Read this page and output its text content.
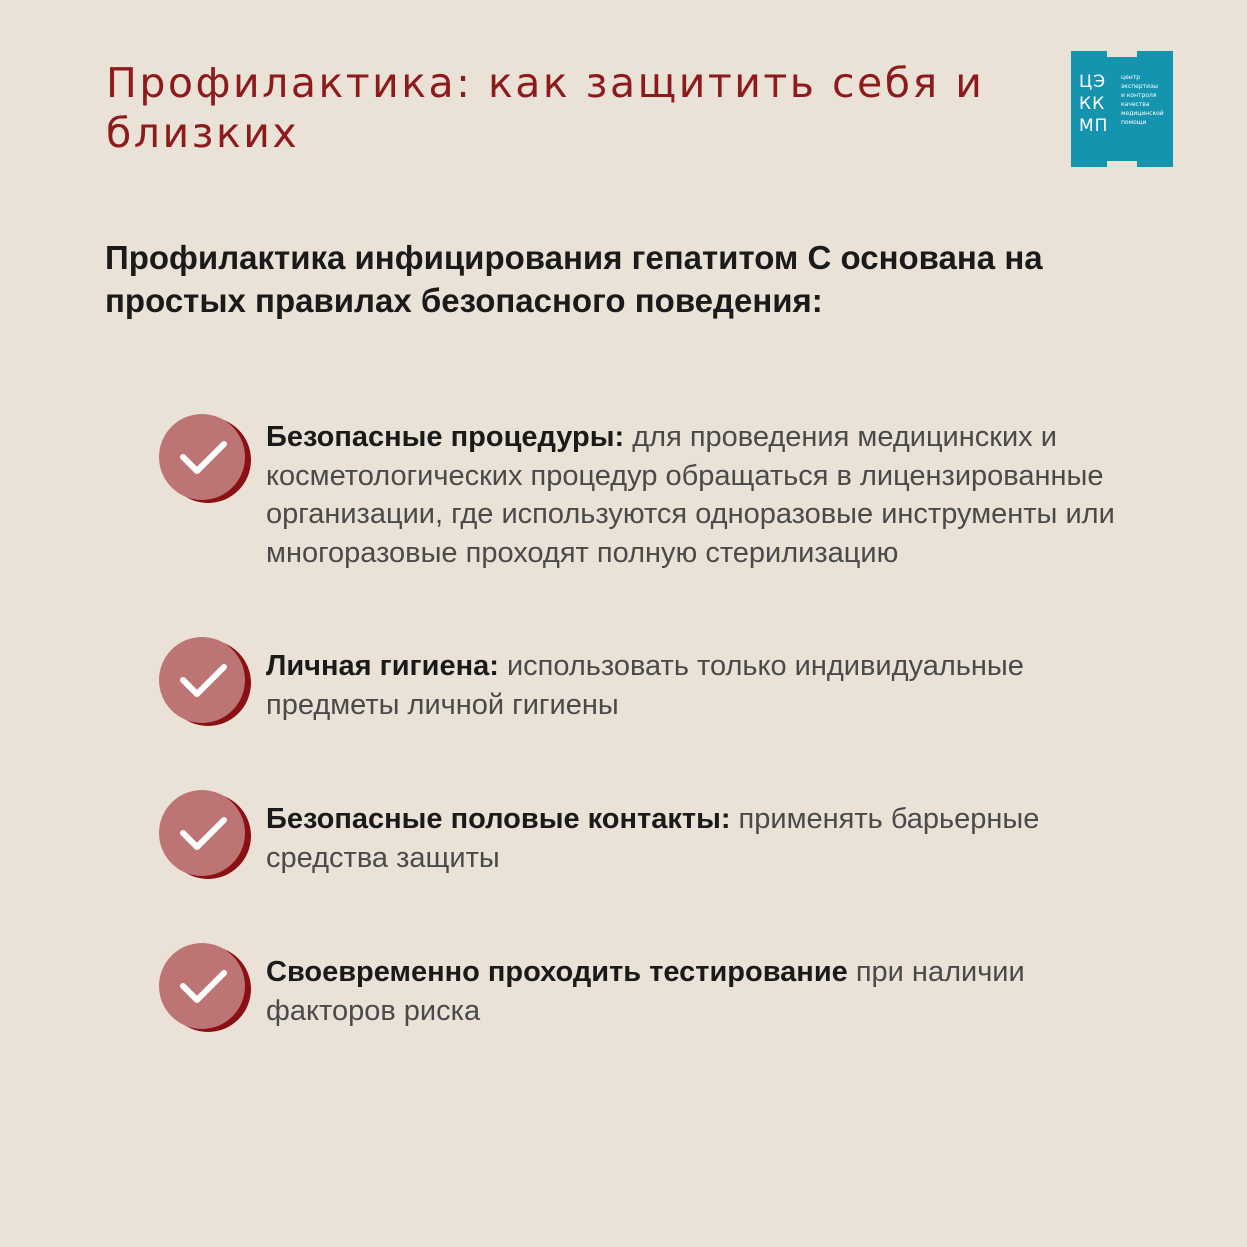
Профилактика: как защитить себя и близких
ЦЭ
КК
МП
центр
экспертизы
и контроля
качества
медицинской
помощи

Профилактика инфицирования гепатитом С основана на простых правилах безопасного поведения:

Безопасные процедуры: для проведения медицинских и косметологических процедур обращаться в лицензированные организации, где используются одноразовые инструменты или многоразовые проходят полную стерилизацию

Личная гигиена: использовать только индивидуальные предметы личной гигиены

Безопасные половые контакты: применять барьерные средства защиты

Своевременно проходить тестирование при наличии факторов риска
